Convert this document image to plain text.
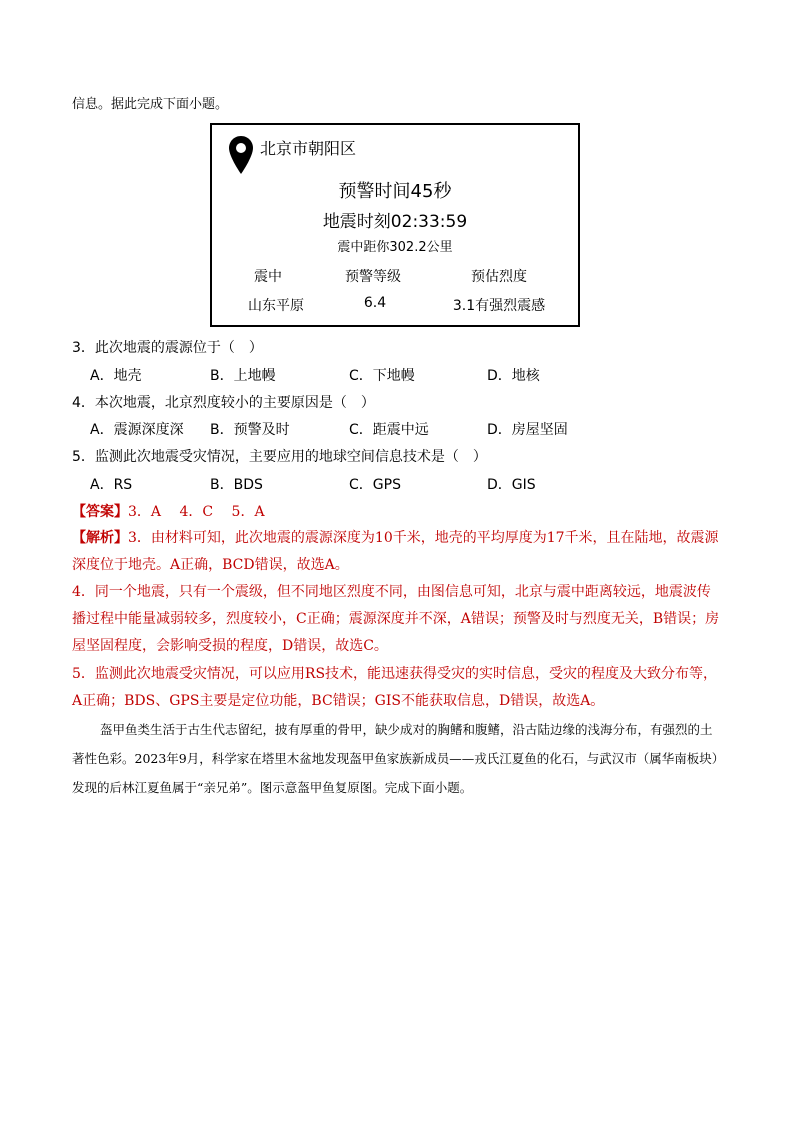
信息。据此完成下面小题。
北京市朝阳区
预警时间45秒
地震时刻02:33:59
震中距你302.2公里
震中	预警等级	预估烈度
山东平原	6.4	3.1有强烈震感
3．此次地震的震源位于（　）
A．地壳	B．上地幔	C．下地幔	D．地核
4．本次地震，北京烈度较小的主要原因是（　）
A．震源深度深 B．预警及时	C．距震中远	D．房屋坚固
5．监测此次地震受灾情况，主要应用的地球空间信息技术是（　）
A．RS	B．BDS	C．GPS	D．GIS
【答案】3．A　 4．C　 5．A
【解析】3．由材料可知，此次地震的震源深度为10千米，地壳的平均厚度为17千米，且在陆地，故震源深度位于地壳。A正确，BCD错误，故选A。
4．同一个地震，只有一个震级，但不同地区烈度不同，由图信息可知，北京与震中距离较远，地震波传播过程中能量减弱较多，烈度较小，C正确；震源深度并不深，A错误；预警及时与烈度无关，B错误；房屋坚固程度，会影响受损的程度，D错误，故选C。
5．监测此次地震受灾情况，可以应用RS技术，能迅速获得受灾的实时信息，受灾的程度及大致分布等，A正确；BDS、GPS主要是定位功能，BC错误；GIS不能获取信息，D错误，故选A。
盔甲鱼类生活于古生代志留纪，披有厚重的骨甲，缺少成对的胸鳍和腹鳍，沿古陆边缘的浅海分布，有强烈的土著性色彩。2023年9月，科学家在塔里木盆地发现盔甲鱼家族新成员——戎氏江夏鱼的化石，与武汉市（属华南板块）发现的后林江夏鱼属于“亲兄弟”。图示意盔甲鱼复原图。完成下面小题。
